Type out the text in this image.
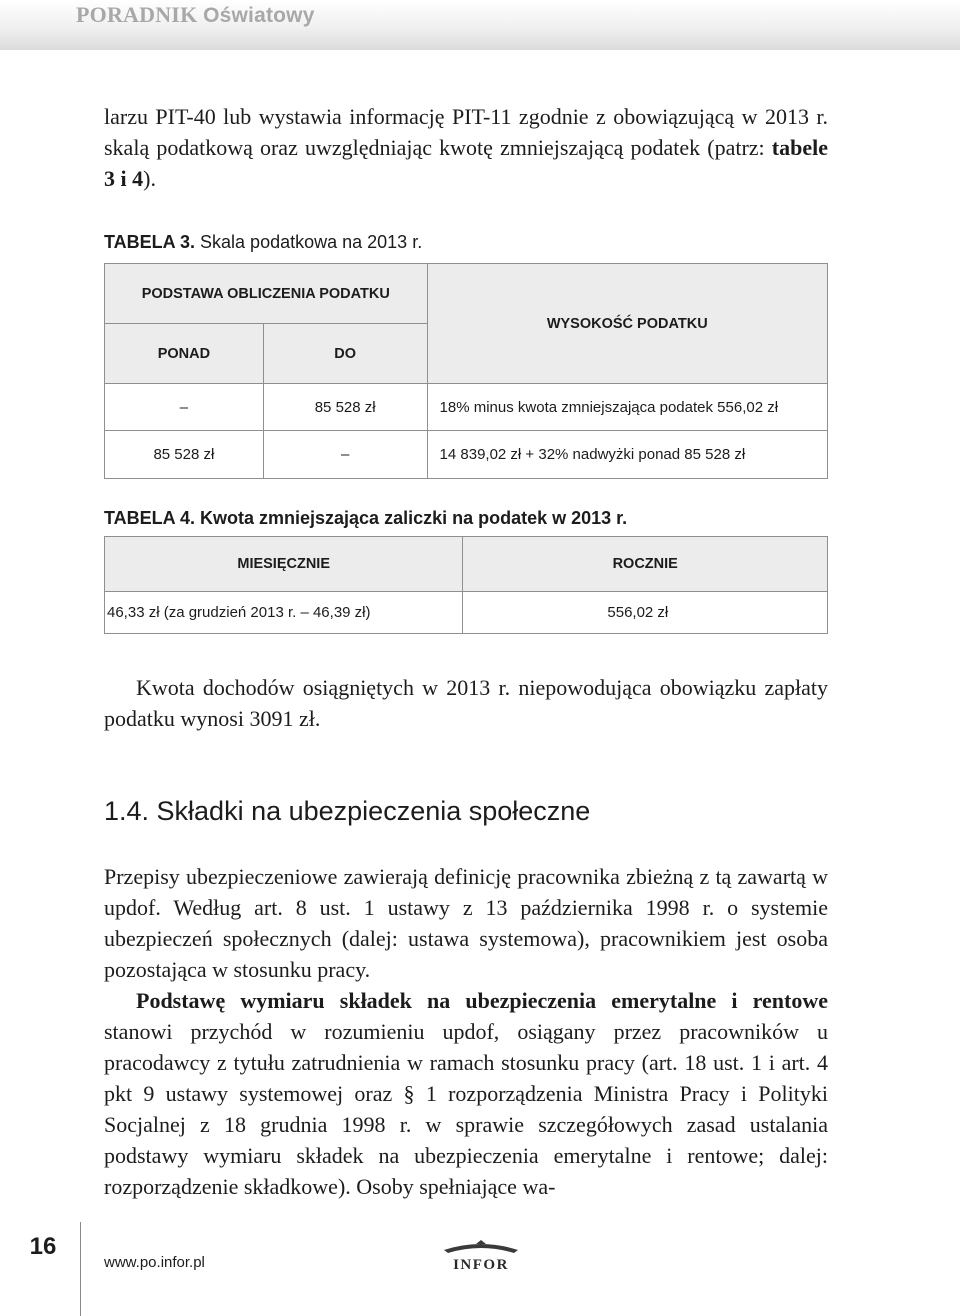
PORADNIK Oświatowy

larzu PIT-40 lub wystawia informację PIT-11 zgodnie z obowiązującą w 2013 r. skalą podatkową oraz uwzględniając kwotę zmniejszającą podatek (patrz: tabele 3 i 4).

TABELA 3. Skala podatkowa na 2013 r.
PODSTAWA OBLICZENIA PODATKU		WYSOKOŚĆ PODATKU
PONAD	DO	
–	85 528 zł	18% minus kwota zmniejszająca podatek 556,02 zł
85 528 zł	–	14 839,02 zł + 32% nadwyżki ponad 85 528 zł
TABELA 4. Kwota zmniejszająca zaliczki na podatek w 2013 r.
MIESIĘCZNIE	ROCZNIE
46,33 zł (za grudzień 2013 r. – 46,39 zł)	556,02 zł

Kwota dochodów osiągniętych w 2013 r. niepowodująca obowiązku zapłaty podatku wynosi 3091 zł.

1.4. Składki na ubezpieczenia społeczne

Przepisy ubezpieczeniowe zawierają definicję pracownika zbieżną z tą zawartą w updof. Według art. 8 ust. 1 ustawy z 13 października 1998 r. o systemie ubezpieczeń społecznych (dalej: ustawa systemowa), pracownikiem jest osoba pozostająca w stosunku pracy.

Podstawę wymiaru składek na ubezpieczenia emerytalne i rentowe stanowi przychód w rozumieniu updof, osiągany przez pracowników u pracodawcy z tytułu zatrudnienia w ramach stosunku pracy (art. 18 ust. 1 i art. 4 pkt 9 ustawy systemowej oraz § 1 rozporządzenia Ministra Pracy i Polityki Socjalnej z 18 grudnia 1998 r. w sprawie szczegółowych zasad ustalania podstawy wymiaru składek na ubezpieczenia emerytalne i rentowe; dalej: rozporządzenie składkowe). Osoby spełniające wa-

16
www.po.infor.pl	INFOR
